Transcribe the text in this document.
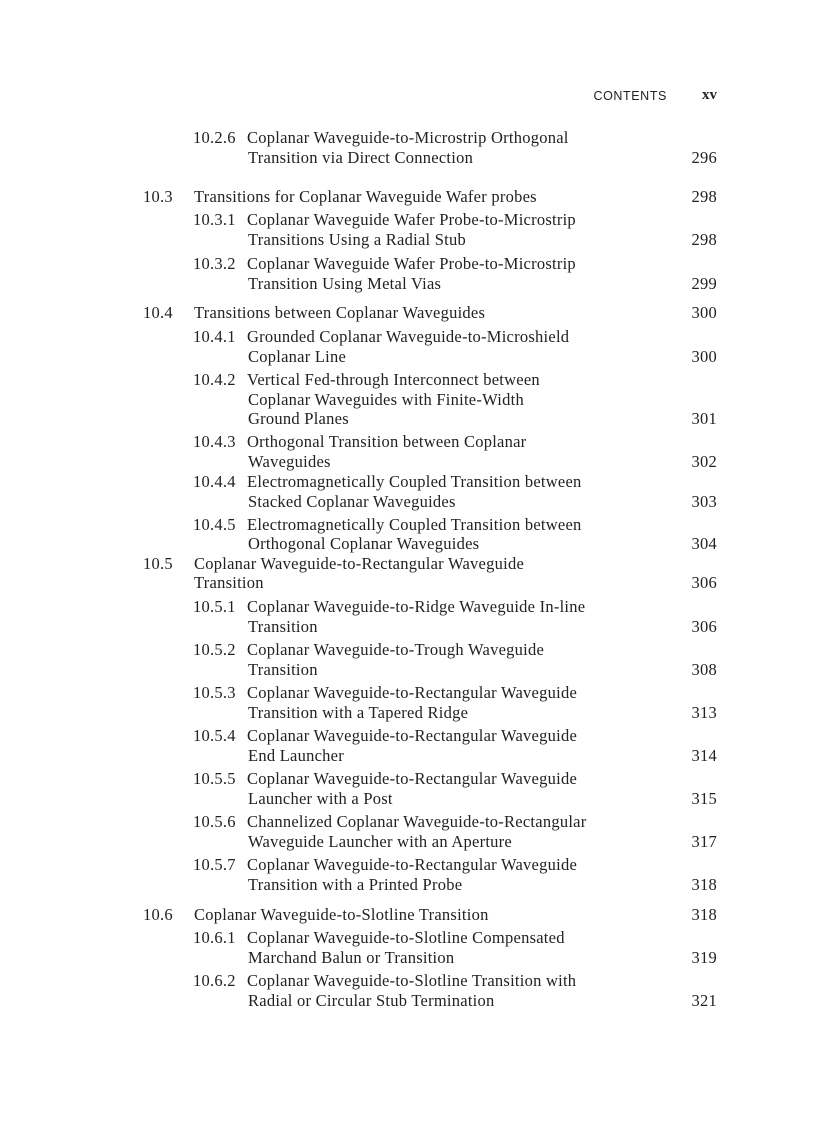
CONTENTS xv
10.2.6 Coplanar Waveguide-to-Microstrip Orthogonal
Transition via Direct Connection	296
10.3 Transitions for Coplanar Waveguide Wafer probes	298
10.3.1 Coplanar Waveguide Wafer Probe-to-Microstrip
Transitions Using a Radial Stub	298
10.3.2 Coplanar Waveguide Wafer Probe-to-Microstrip
Transition Using Metal Vias	299
10.4 Transitions between Coplanar Waveguides	300
10.4.1 Grounded Coplanar Waveguide-to-Microshield
Coplanar Line	300
10.4.2 Vertical Fed-through Interconnect between
Coplanar Waveguides with Finite-Width
Ground Planes	301
10.4.3 Orthogonal Transition between Coplanar
Waveguides	302
10.4.4 Electromagnetically Coupled Transition between
Stacked Coplanar Waveguides	303
10.4.5 Electromagnetically Coupled Transition between
Orthogonal Coplanar Waveguides	304
10.5 Coplanar Waveguide-to-Rectangular Waveguide
Transition	306
10.5.1 Coplanar Waveguide-to-Ridge Waveguide In-line
Transition	306
10.5.2 Coplanar Waveguide-to-Trough Waveguide
Transition	308
10.5.3 Coplanar Waveguide-to-Rectangular Waveguide
Transition with a Tapered Ridge	313
10.5.4 Coplanar Waveguide-to-Rectangular Waveguide
End Launcher	314
10.5.5 Coplanar Waveguide-to-Rectangular Waveguide
Launcher with a Post	315
10.5.6 Channelized Coplanar Waveguide-to-Rectangular
Waveguide Launcher with an Aperture	317
10.5.7 Coplanar Waveguide-to-Rectangular Waveguide
Transition with a Printed Probe	318
10.6 Coplanar Waveguide-to-Slotline Transition	318
10.6.1 Coplanar Waveguide-to-Slotline Compensated
Marchand Balun or Transition	319
10.6.2 Coplanar Waveguide-to-Slotline Transition with
Radial or Circular Stub Termination	321
